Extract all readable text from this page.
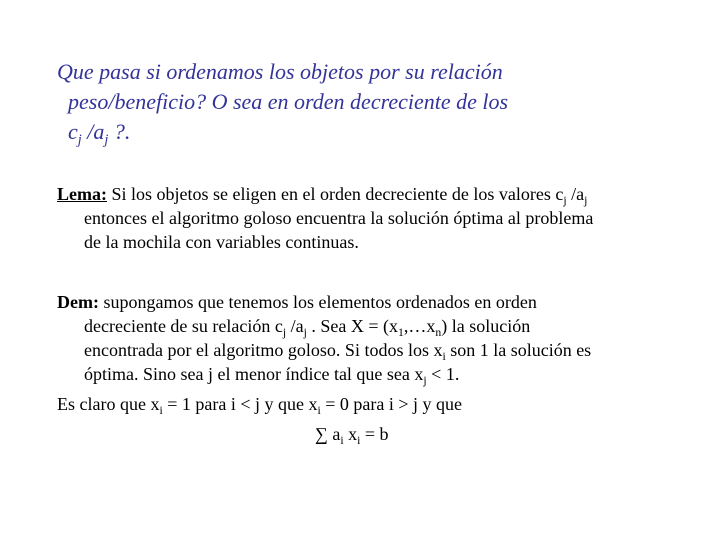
Que pasa si ordenamos los objetos por su relación
peso/beneficio? O sea en orden decreciente de los
$c_j$ $/a_j$ ?.
Lema: Si los objetos se eligen en el orden decreciente de los valores $c_j$ $/a_j$
entonces el algoritmo goloso encuentra la solución óptima al problema
de la mochila con variables continuas.
Dem: supongamos que tenemos los elementos ordenados en orden
decreciente de su relación $c_j$ $/a_j$ . Sea $X = (x_1,\dots x_n)$ la solución
encontrada por el algoritmo goloso. Si todos los $x_i$ son 1 la solución es
óptima. Sino sea j el menor índice tal que sea $x_j < 1$.
Es claro que $x_i = 1$ para i < j y que $x_i = 0$ para i > j y que
∑ $a_i$ $x_i = b$
